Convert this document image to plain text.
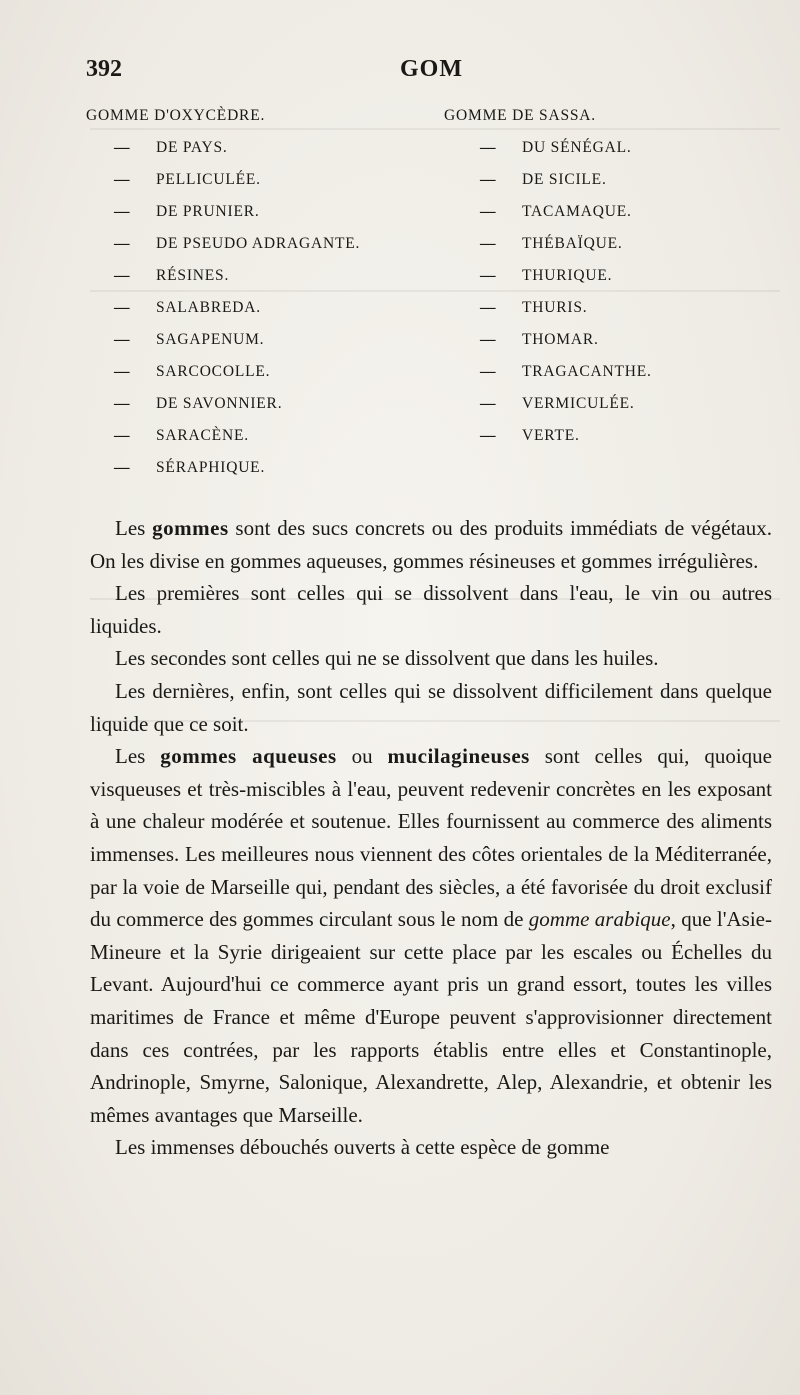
392	GOM
GOMME D'OXYCÈDRE.
— DE PAYS.
— PELLICULÉE.
— DE PRUNIER.
— DE PSEUDO ADRAGANTE.
— RÉSINES.
— SALABREDA.
— SAGAPENUM.
— SARCOCOLLE.
— DE SAVONNIER.
— SARACÈNE.
— SÉRAPHIQUE.
GOMME DE SASSA.
— DU SÉNÉGAL.
— DE SICILE.
— TACAMAQUE.
— THÉBAÏQUE.
— THURIQUE.
— THURIS.
— THOMAR.
— TRAGACANTHE.
— VERMICULÉE.
— VERTE.

Les gommes sont des sucs concrets ou des produits immédiats de végétaux. On les divise en gommes aqueuses, gommes résineuses et gommes irrégulières.

Les premières sont celles qui se dissolvent dans l'eau, le vin ou autres liquides.

Les secondes sont celles qui ne se dissolvent que dans les huiles.

Les dernières, enfin, sont celles qui se dissolvent difficilement dans quelque liquide que ce soit.

Les gommes aqueuses ou mucilagineuses sont celles qui, quoique visqueuses et très-miscibles à l'eau, peuvent redevenir concrètes en les exposant à une chaleur modérée et soutenue. Elles fournissent au commerce des aliments immenses. Les meilleures nous viennent des côtes orientales de la Méditerranée, par la voie de Marseille qui, pendant des siècles, a été favorisée du droit exclusif du commerce des gommes circulant sous le nom de gomme arabique, que l'Asie-Mineure et la Syrie dirigeaient sur cette place par les escales ou Échelles du Levant. Aujourd'hui ce commerce ayant pris un grand essort, toutes les villes maritimes de France et même d'Europe peuvent s'approvisionner directement dans ces contrées, par les rapports établis entre elles et Constantinople, Andrinople, Smyrne, Salonique, Alexandrette, Alep, Alexandrie, et obtenir les mêmes avantages que Marseille.

Les immenses débouchés ouverts à cette espèce de gomme
